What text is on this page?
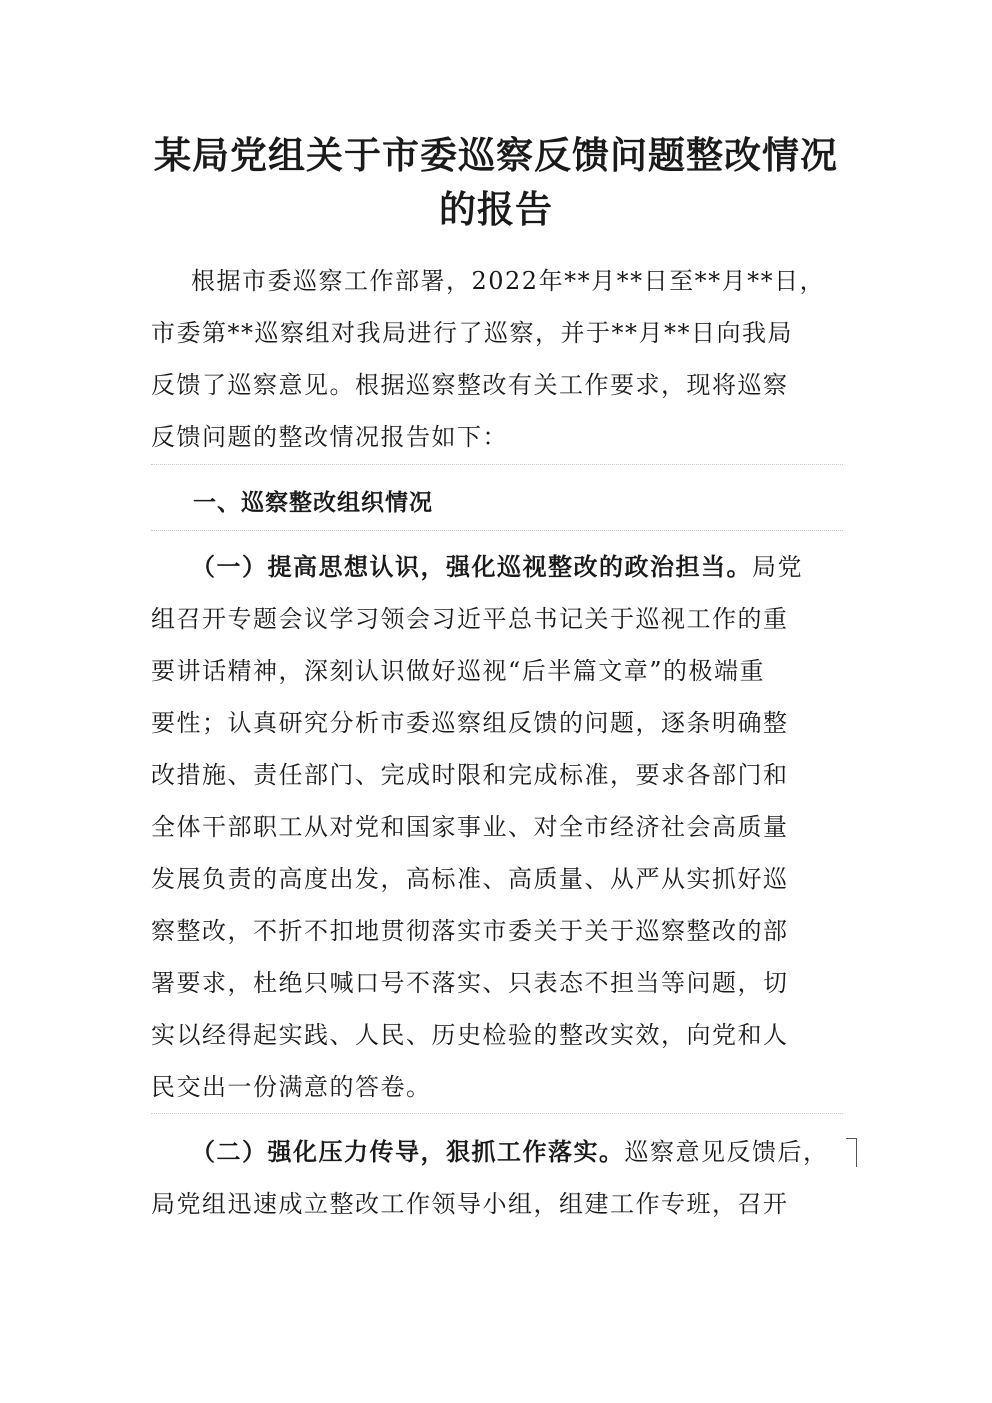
某局党组关于市委巡察反馈问题整改情况
的报告
根据市委巡察工作部署，2022年**月**日至**月**日，
市委第**巡察组对我局进行了巡察，并于**月**日向我局
反馈了巡察意见。根据巡察整改有关工作要求，现将巡察
反馈问题的整改情况报告如下：
一、巡察整改组织情况
（一）提高思想认识，强化巡视整改的政治担当。局党
组召开专题会议学习领会习近平总书记关于巡视工作的重
要讲话精神，深刻认识做好巡视“后半篇文章”的极端重
要性；认真研究分析市委巡察组反馈的问题，逐条明确整
改措施、责任部门、完成时限和完成标准，要求各部门和
全体干部职工从对党和国家事业、对全市经济社会高质量
发展负责的高度出发，高标准、高质量、从严从实抓好巡
察整改，不折不扣地贯彻落实市委关于关于巡察整改的部
署要求，杜绝只喊口号不落实、只表态不担当等问题，切
实以经得起实践、人民、历史检验的整改实效，向党和人
民交出一份满意的答卷。
（二）强化压力传导，狠抓工作落实。巡察意见反馈后，
局党组迅速成立整改工作领导小组，组建工作专班，召开
